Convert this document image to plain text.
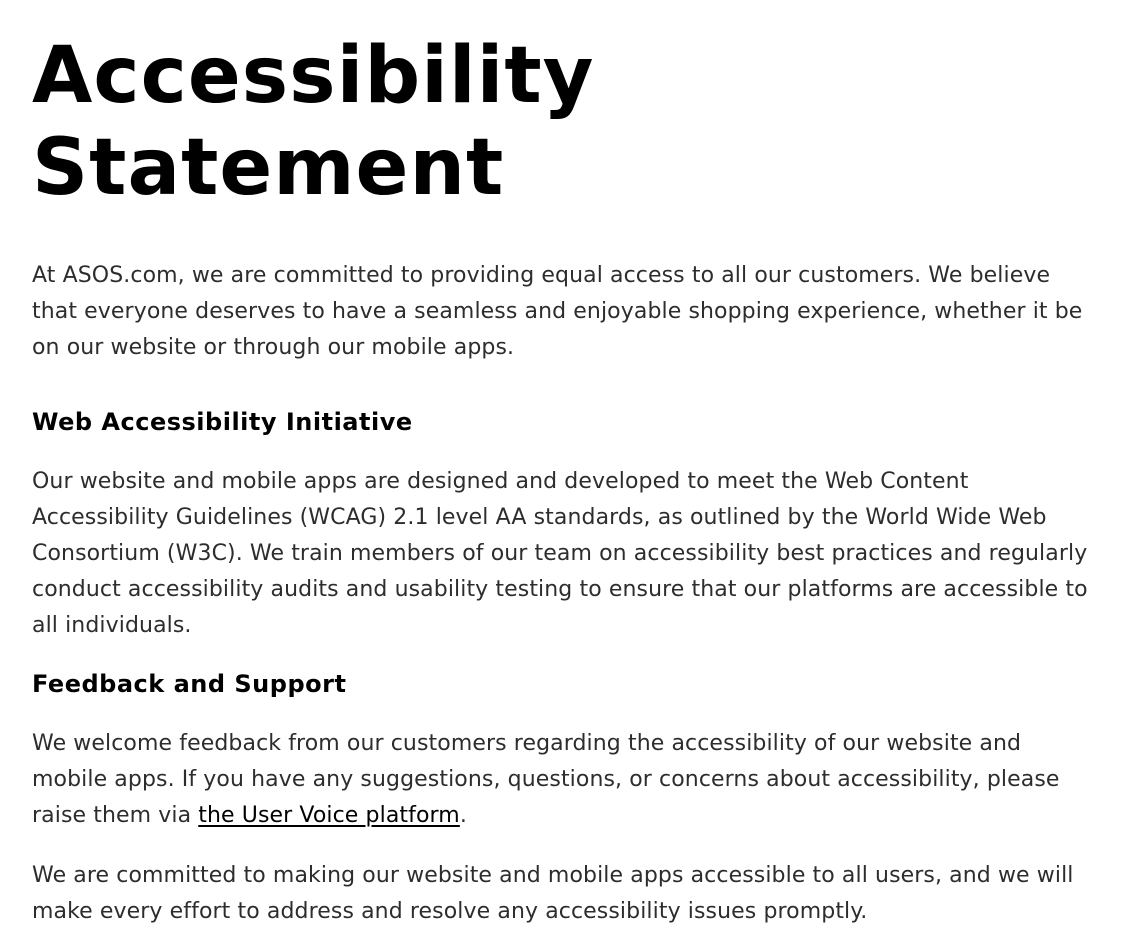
Accessibility Statement

At ASOS.com, we are committed to providing equal access to all our customers. We believe that everyone deserves to have a seamless and enjoyable shopping experience, whether it be on our website or through our mobile apps.

Web Accessibility Initiative

Our website and mobile apps are designed and developed to meet the Web Content Accessibility Guidelines (WCAG) 2.1 level AA standards, as outlined by the World Wide Web Consortium (W3C). We train members of our team on accessibility best practices and regularly conduct accessibility audits and usability testing to ensure that our platforms are accessible to all individuals.

Feedback and Support

We welcome feedback from our customers regarding the accessibility of our website and mobile apps. If you have any suggestions, questions, or concerns about accessibility, please raise them via the User Voice platform.

We are committed to making our website and mobile apps accessible to all users, and we will make every effort to address and resolve any accessibility issues promptly.
